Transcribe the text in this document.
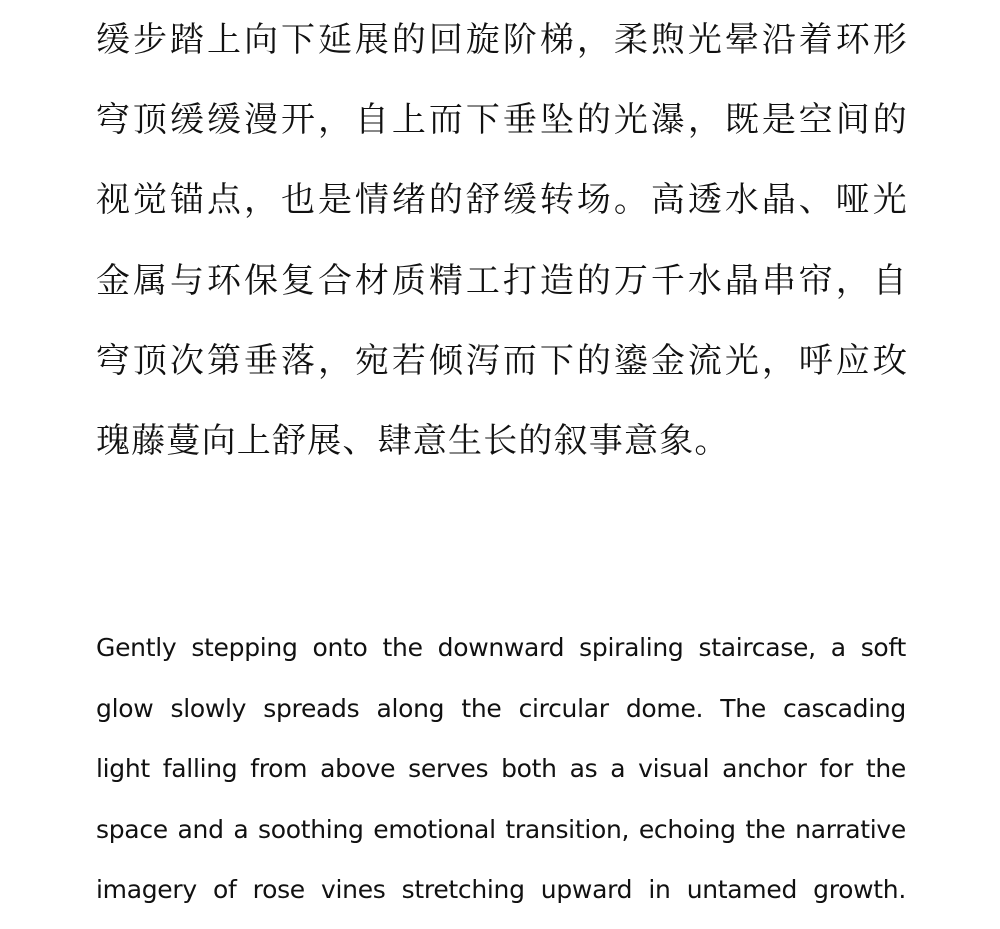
缓步踏上向下延展的回旋阶梯，柔煦光晕沿着环形
穹顶缓缓漫开，自上而下垂坠的光瀑，既是空间的
视觉锚点，也是情绪的舒缓转场。高透水晶、哑光
金属与环保复合材质精工打造的万千水晶串帘，自
穹顶次第垂落，宛若倾泻而下的鎏金流光，呼应玫
瑰藤蔓向上舒展、肆意生长的叙事意象。
Gently stepping onto the downward spiraling staircase, a soft
glow slowly spreads along the circular dome. The cascading
light falling from above serves both as a visual anchor for the
space and a soothing emotional transition, echoing the narrative
imagery of rose vines stretching upward in untamed growth.
